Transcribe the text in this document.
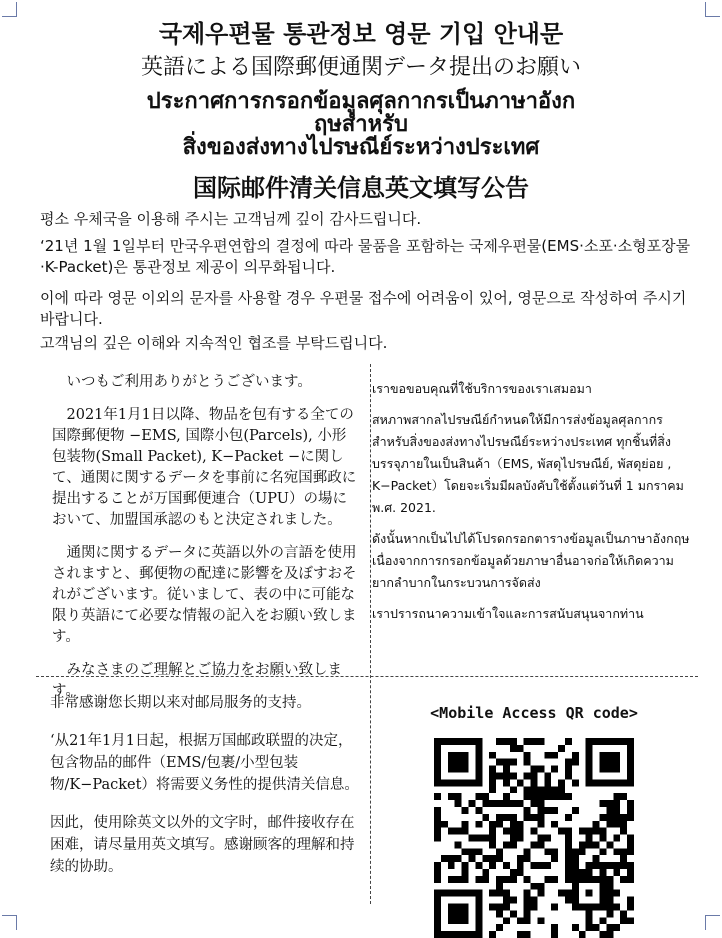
국제우편물 통관정보 영문 기입 안내문
英語による国際郵便通関データ提出のお願い
ประกาศการกรอกข้อมูลศุลกากรเป็นภาษาอังก
ฤษสำหรับ
สิ่งของส่งทางไปรษณีย์ระหว่างประเทศ
国际邮件清关信息英文填写公告
평소 우체국을 이용해 주시는 고객님께 깊이 감사드립니다.
‘21년 1월 1일부터 만국우편연합의 결정에 따라 물품을 포함하는 국제우편물(EMS·소포·소형포장물·K-Packet)은 통관정보 제공이 의무화됩니다.
이에 따라 영문 이외의 문자를 사용할 경우 우편물 접수에 어려움이 있어, 영문으로 작성하여 주시기 바랍니다.
고객님의 깊은 이해와 지속적인 협조를 부탁드립니다.

いつもご利用ありがとうございます。

2021年1月1日以降、物品を包有する全ての国際郵便物 −EMS, 国際小包(Parcels), 小形包装物(Small Packet), K−Packet −に関して、通関に関するデータを事前に名宛国郵政に提出することが万国郵便連合（UPU）の場において、加盟国承認のもと決定されました。

通関に関するデータに英語以外の言語を使用されますと、郵便物の配達に影響を及ぼすおそれがございます。従いまして、表の中に可能な限り英語にて必要な情報の記入をお願い致します。

みなさまのご理解とご協力をお願い致します。

เราขอขอบคุณที่ใช้บริการของเราเสมอมา

สหภาพสากลไปรษณีย์กำหนดให้มีการส่งข้อมูลศุลกากรสำหรับสิ่งของส่งทางไปรษณีย์ระหว่างประเทศ ทุกชิ้นที่สิ่งบรรจุภายในเป็นสินค้า（EMS, พัสดุไปรษณีย์, พัสดุย่อย , K−Packet）โดยจะเริ่มมีผลบังคับใช้ตั้งแต่วันที่ 1 มกราคม พ.ศ. 2021.

ดังนั้นหากเป็นไปได้โปรดกรอกตารางข้อมูลเป็นภาษาอังกฤษ เนื่องจากการกรอกข้อมูลด้วยภาษาอื่นอาจก่อให้เกิดความยากลำบากในกระบวนการจัดส่ง

เราปรารถนาความเข้าใจและการสนับสนุนจากท่าน

非常感谢您长期以来对邮局服务的支持。

‘从21年1月1日起，根据万国邮政联盟的决定，包含物品的邮件（EMS/包裹/小型包装物/K−Packet）将需要义务性的提供清关信息。

因此，使用除英文以外的文字时，邮件接收存在困难，请尽量用英文填写。感谢顾客的理解和持续的协助。

<Mobile Access QR code>
